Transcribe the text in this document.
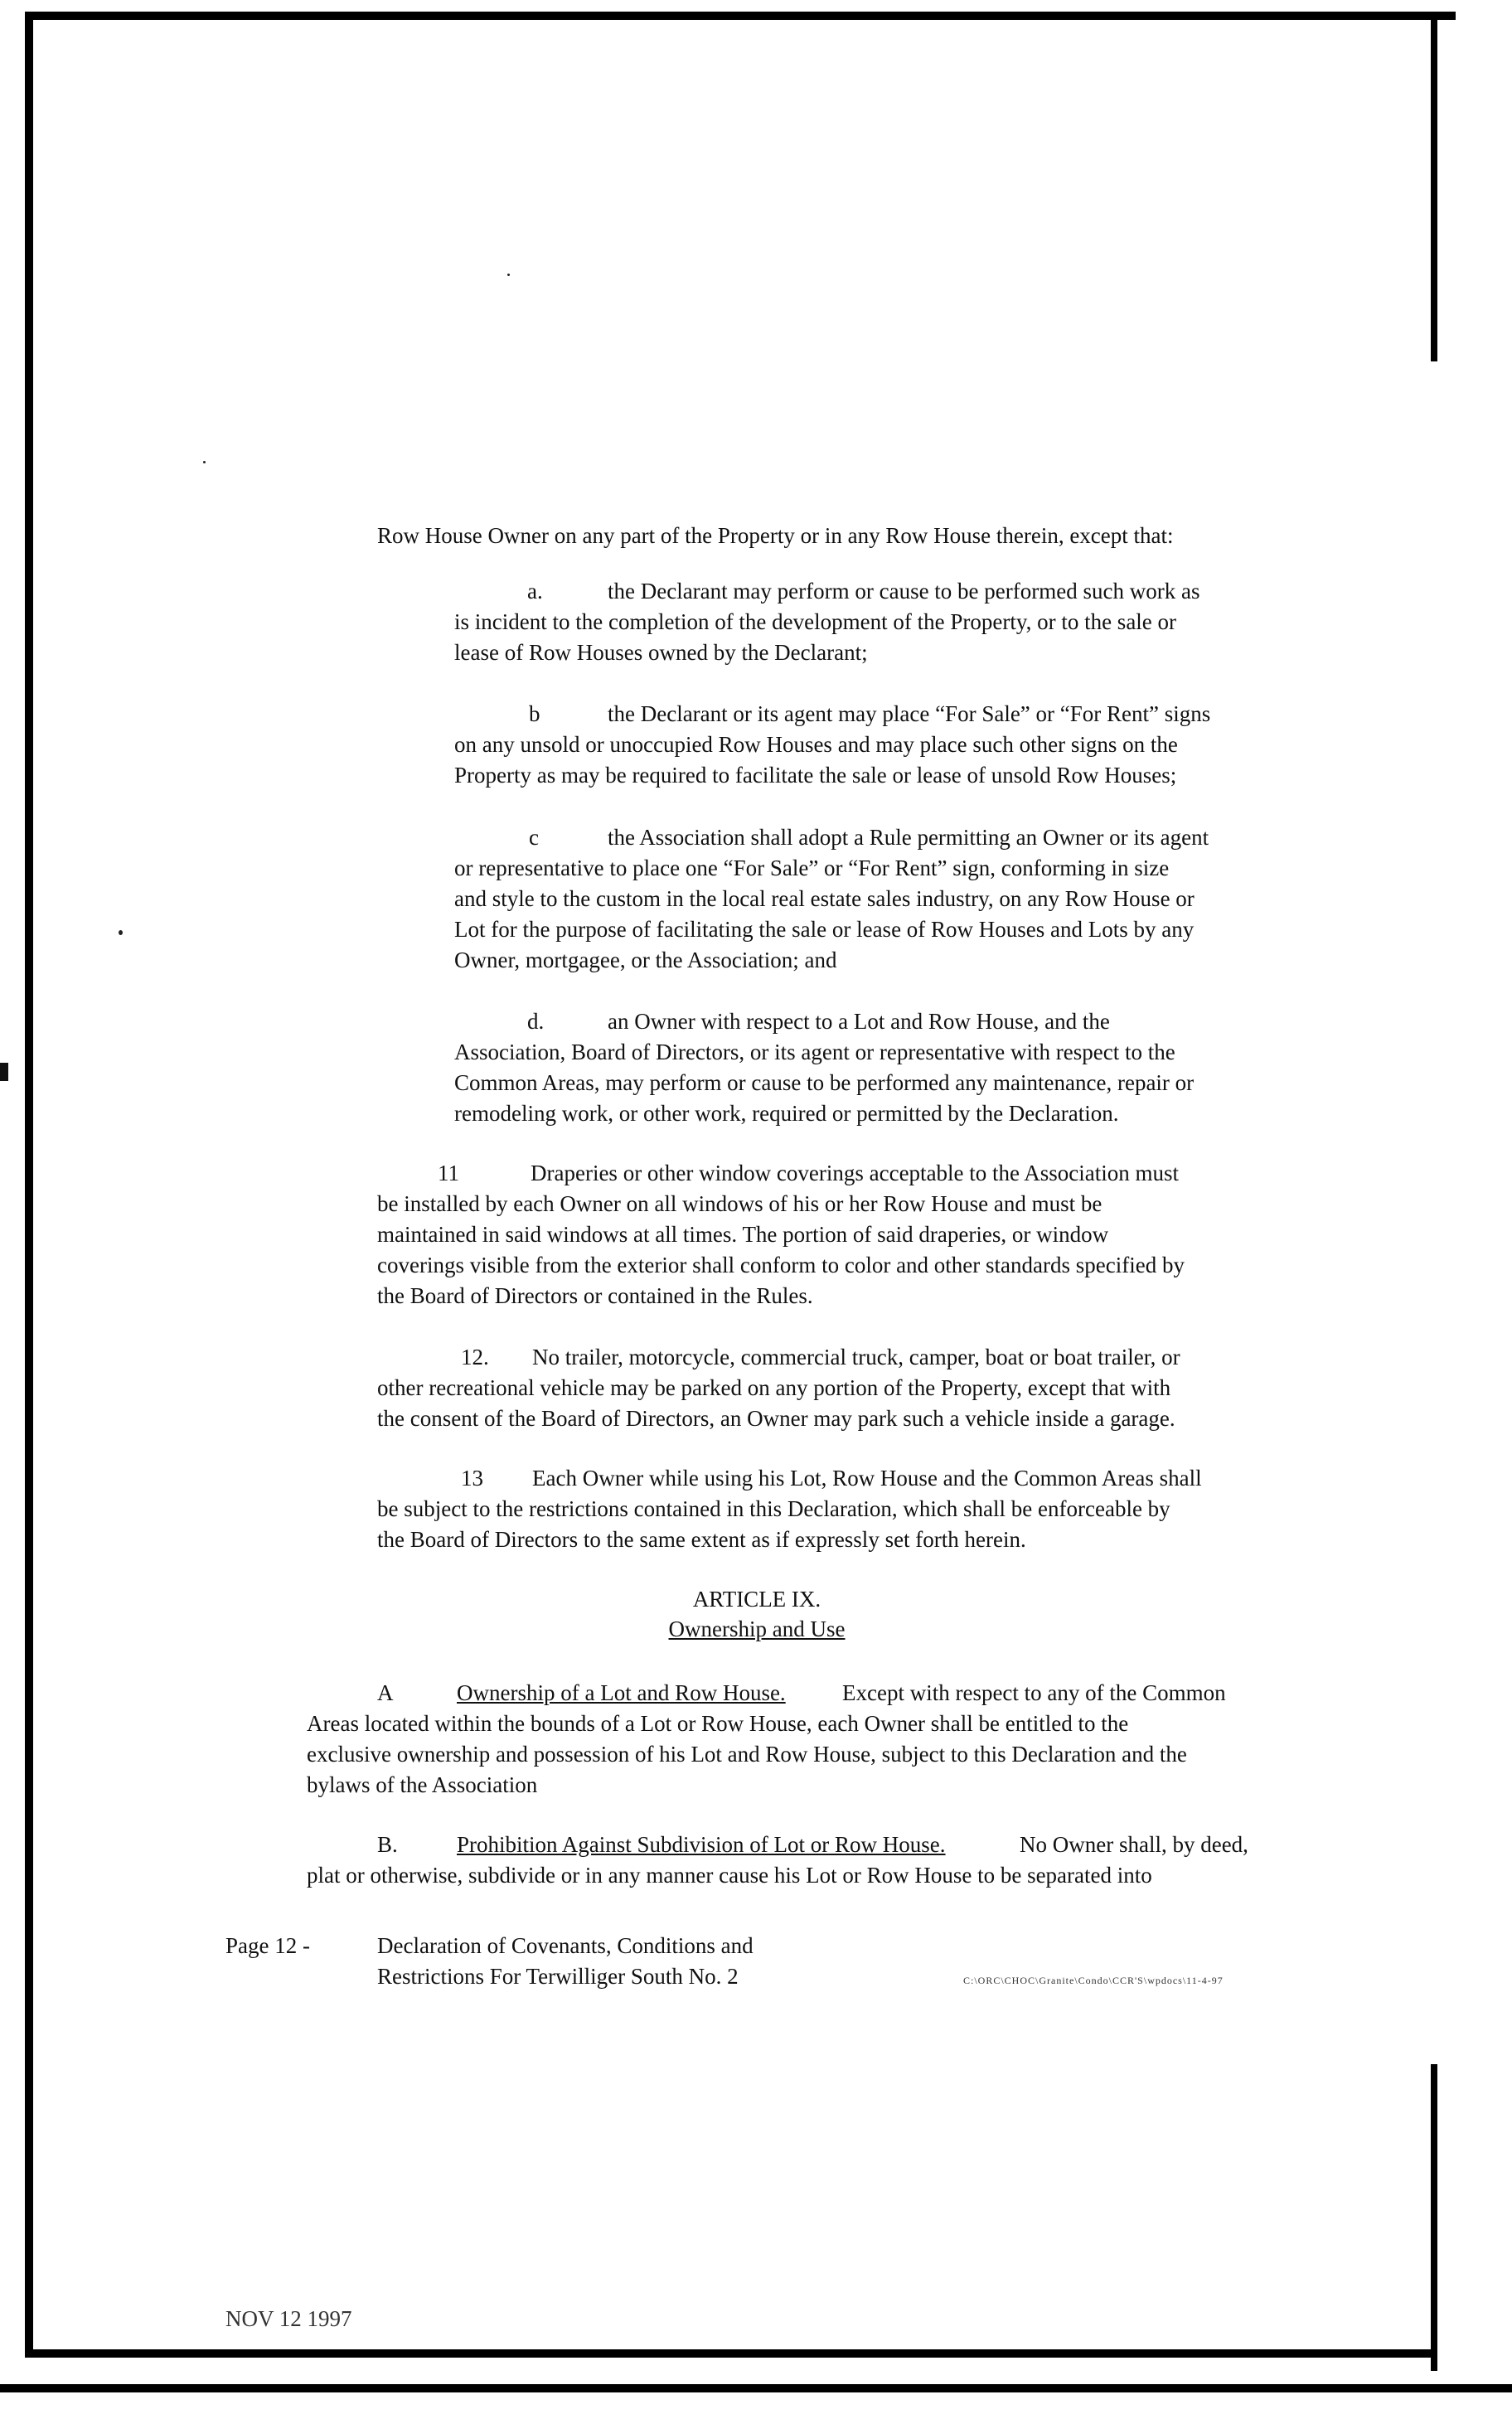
Row House Owner on any part of the Property or in any Row House therein, except that:
a.	the Declarant may perform or cause to be performed such work as
is incident to the completion of the development of the Property, or to the sale or
lease of Row Houses owned by the Declarant;
b	the Declarant or its agent may place “For Sale” or “For Rent” signs
on any unsold or unoccupied Row Houses and may place such other signs on the
Property as may be required to facilitate the sale or lease of unsold Row Houses;
c	the Association shall adopt a Rule permitting an Owner or its agent
or representative to place one “For Sale” or “For Rent” sign, conforming in size
and style to the custom in the local real estate sales industry, on any Row House or
Lot for the purpose of facilitating the sale or lease of Row Houses and Lots by any
Owner, mortgagee, or the Association; and
d.	an Owner with respect to a Lot and Row House, and the
Association, Board of Directors, or its agent or representative with respect to the
Common Areas, may perform or cause to be performed any maintenance, repair or
remodeling work, or other work, required or permitted by the Declaration.
11	Draperies or other window coverings acceptable to the Association must
be installed by each Owner on all windows of his or her Row House and must be
maintained in said windows at all times. The portion of said draperies, or window
coverings visible from the exterior shall conform to color and other standards specified by
the Board of Directors or contained in the Rules.
12. No trailer, motorcycle, commercial truck, camper, boat or boat trailer, or
other recreational vehicle may be parked on any portion of the Property, except that with
the consent of the Board of Directors, an Owner may park such a vehicle inside a garage.
13 Each Owner while using his Lot, Row House and the Common Areas shall
be subject to the restrictions contained in this Declaration, which shall be enforceable by
the Board of Directors to the same extent as if expressly set forth herein.
ARTICLE IX.
Ownership and Use
A	Ownership of a Lot and Row House.	Except with respect to any of the Common
Areas located within the bounds of a Lot or Row House, each Owner shall be entitled to the
exclusive ownership and possession of his Lot and Row House, subject to this Declaration and the
bylaws of the Association
B.	Prohibition Against Subdivision of Lot or Row House.	No Owner shall, by deed,
plat or otherwise, subdivide or in any manner cause his Lot or Row House to be separated into
Page 12 -	Declaration of Covenants, Conditions and
Restrictions For Terwilliger South No. 2	C:\ORC\CHOC\Granite\Condo\CCR'S\wpdocs\11-4-97
NOV 12 1997
